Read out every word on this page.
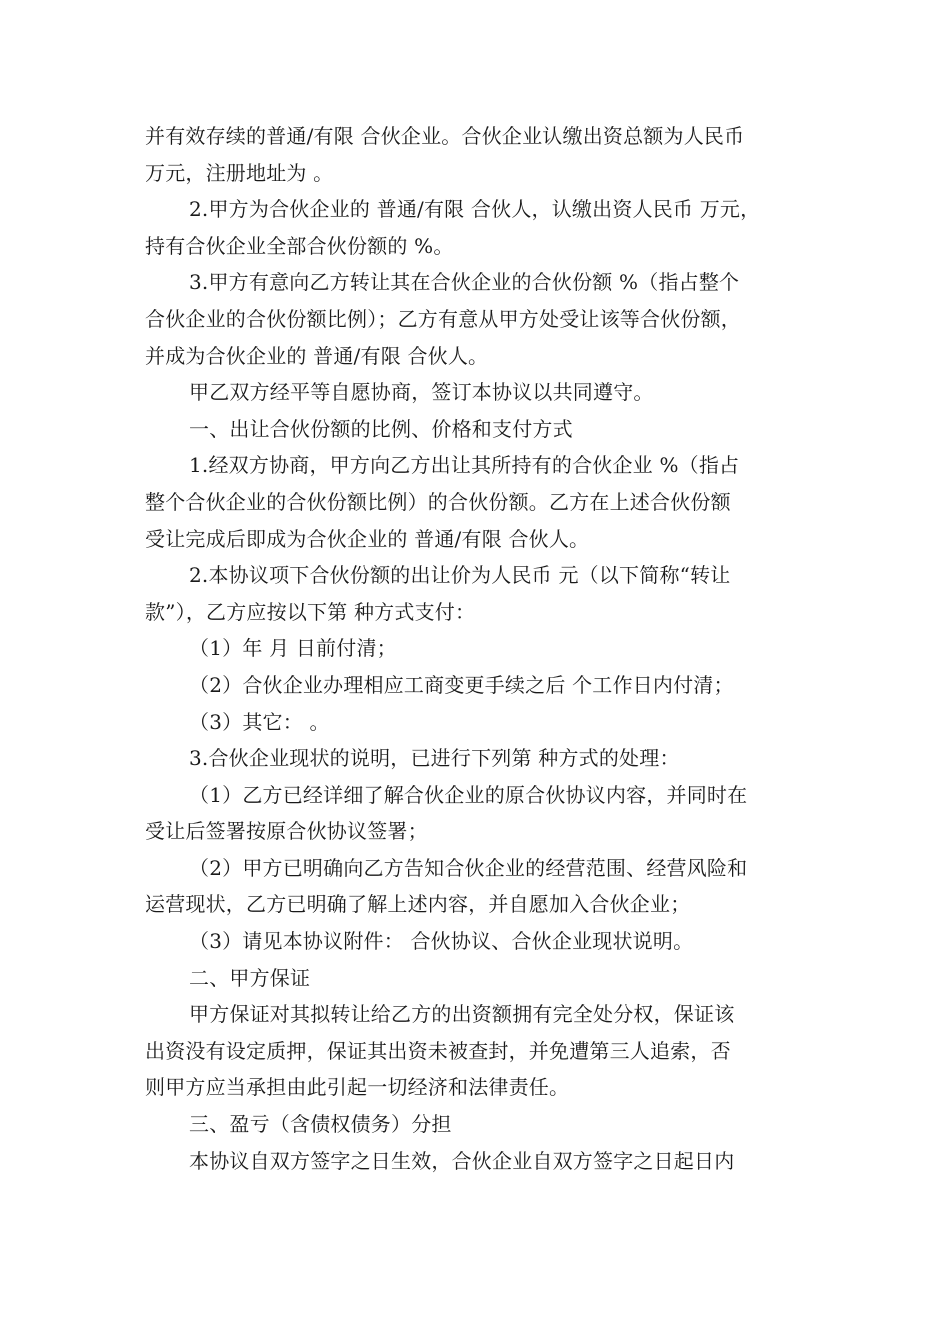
并有效存续的普通/有限 合伙企业。合伙企业认缴出资总额为人民币
万元，注册地址为 。
2.甲方为合伙企业的 普通/有限 合伙人，认缴出资人民币 万元，
持有合伙企业全部合伙份额的 %。
3.甲方有意向乙方转让其在合伙企业的合伙份额 %（指占整个
合伙企业的合伙份额比例）；乙方有意从甲方处受让该等合伙份额，
并成为合伙企业的 普通/有限 合伙人。
甲乙双方经平等自愿协商，签订本协议以共同遵守。
一、出让合伙份额的比例、价格和支付方式
1.经双方协商，甲方向乙方出让其所持有的合伙企业 %（指占
整个合伙企业的合伙份额比例）的合伙份额。乙方在上述合伙份额
受让完成后即成为合伙企业的 普通/有限 合伙人。
2.本协议项下合伙份额的出让价为人民币 元（以下简称“转让
款”），乙方应按以下第 种方式支付：
（1）年 月 日前付清；
（2）合伙企业办理相应工商变更手续之后 个工作日内付清；
（3）其它： 。
3.合伙企业现状的说明，已进行下列第 种方式的处理：
（1）乙方已经详细了解合伙企业的原合伙协议内容，并同时在
受让后签署按原合伙协议签署；
（2）甲方已明确向乙方告知合伙企业的经营范围、经营风险和
运营现状，乙方已明确了解上述内容，并自愿加入合伙企业；
（3）请见本协议附件： 合伙协议、合伙企业现状说明。
二、甲方保证
甲方保证对其拟转让给乙方的出资额拥有完全处分权，保证该
出资没有设定质押，保证其出资未被查封，并免遭第三人追索，否
则甲方应当承担由此引起一切经济和法律责任。
三、盈亏（含债权债务）分担
本协议自双方签字之日生效，合伙企业自双方签字之日起日内
